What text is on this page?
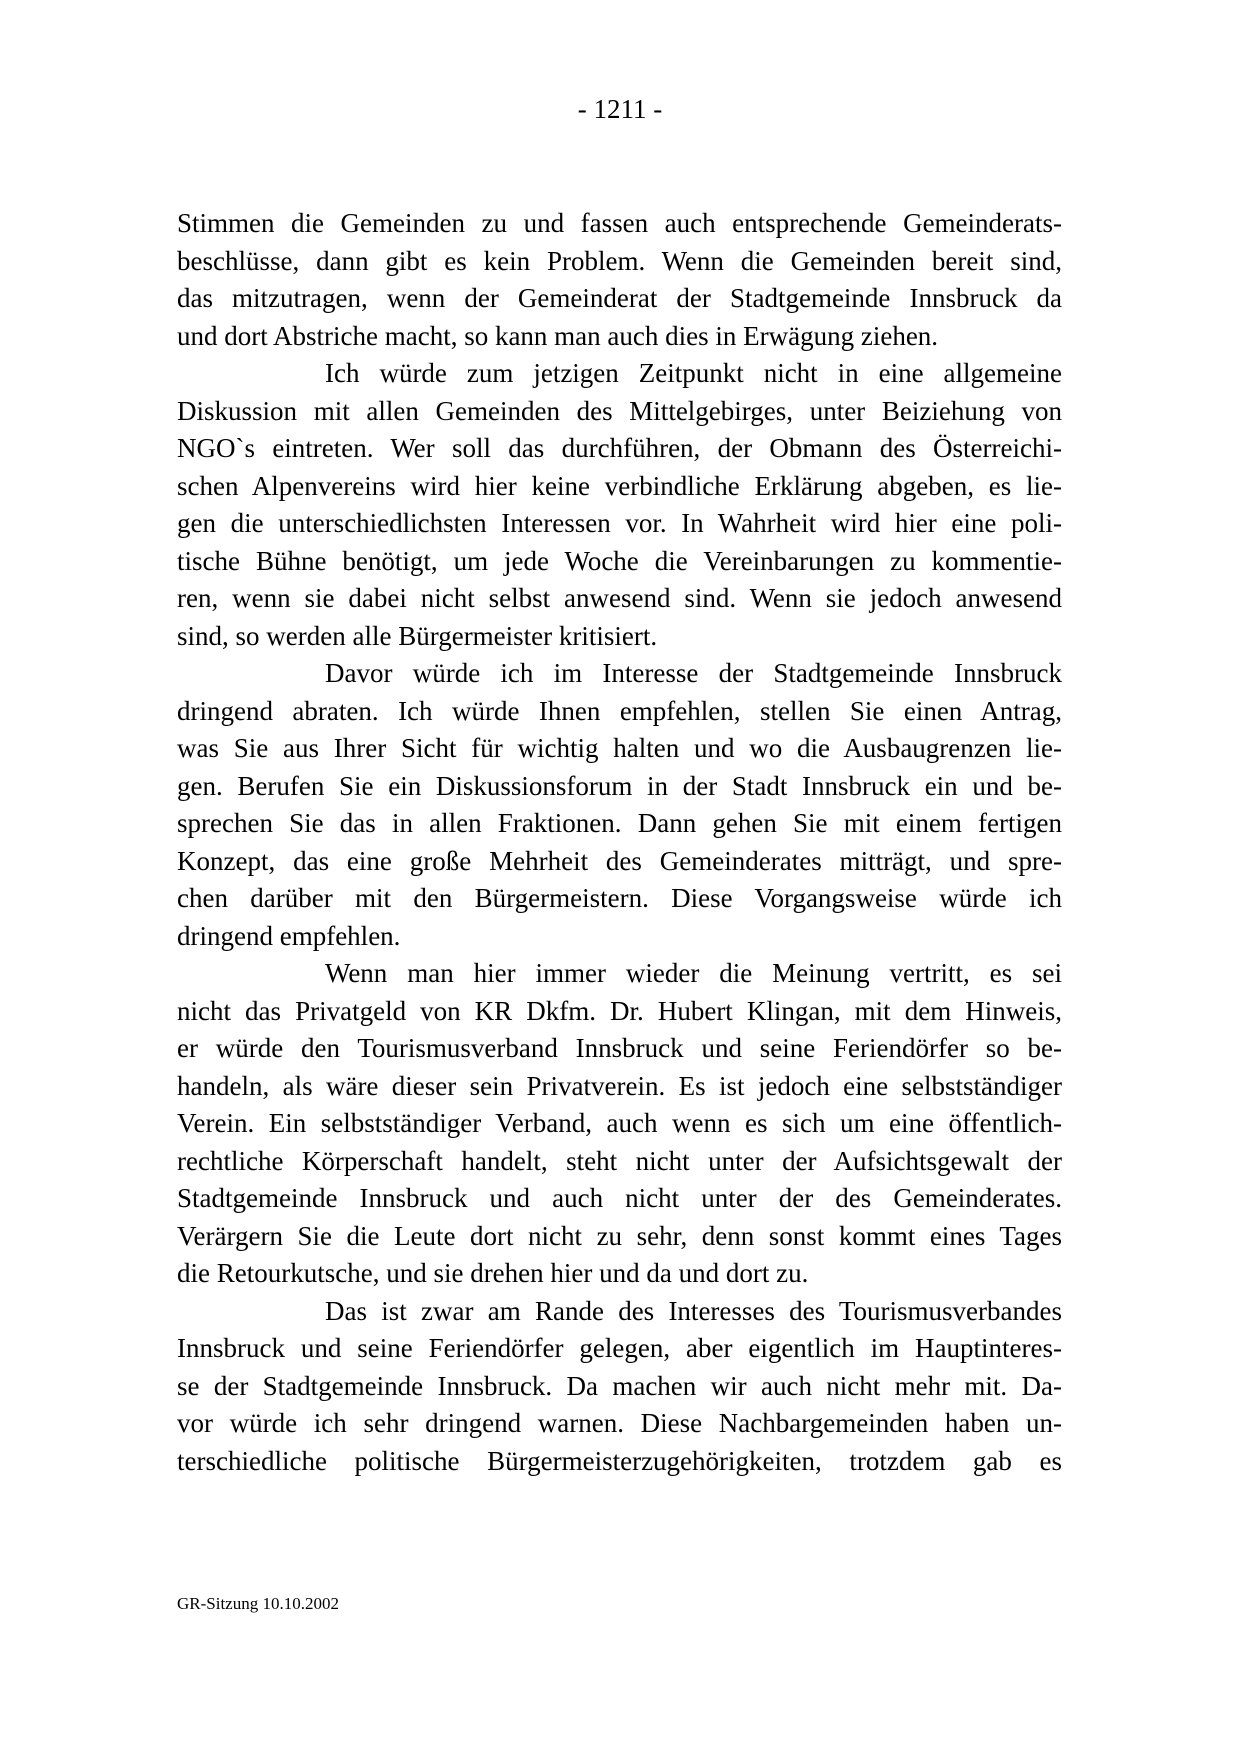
- 1211 -
Stimmen die Gemeinden zu und fassen auch entsprechende Gemeinderats-
beschlüsse, dann gibt es kein Problem. Wenn die Gemeinden bereit sind,
das mitzutragen, wenn der Gemeinderat der Stadtgemeinde Innsbruck da
und dort Abstriche macht, so kann man auch dies in Erwägung ziehen.
Ich würde zum jetzigen Zeitpunkt nicht in eine allgemeine
Diskussion mit allen Gemeinden des Mittelgebirges, unter Beiziehung von
NGO`s eintreten. Wer soll das durchführen, der Obmann des Österreichi-
schen Alpenvereins wird hier keine verbindliche Erklärung abgeben, es lie-
gen die unterschiedlichsten Interessen vor. In Wahrheit wird hier eine poli-
tische Bühne benötigt, um jede Woche die Vereinbarungen zu kommentie-
ren, wenn sie dabei nicht selbst anwesend sind. Wenn sie jedoch anwesend
sind, so werden alle Bürgermeister kritisiert.
Davor würde ich im Interesse der Stadtgemeinde Innsbruck
dringend abraten. Ich würde Ihnen empfehlen, stellen Sie einen Antrag,
was Sie aus Ihrer Sicht für wichtig halten und wo die Ausbaugrenzen lie-
gen. Berufen Sie ein Diskussionsforum in der Stadt Innsbruck ein und be-
sprechen Sie das in allen Fraktionen. Dann gehen Sie mit einem fertigen
Konzept, das eine große Mehrheit des Gemeinderates mitträgt, und spre-
chen darüber mit den Bürgermeistern. Diese Vorgangsweise würde ich
dringend empfehlen.
Wenn man hier immer wieder die Meinung vertritt, es sei
nicht das Privatgeld von KR Dkfm. Dr. Hubert Klingan, mit dem Hinweis,
er würde den Tourismusverband Innsbruck und seine Feriendörfer so be-
handeln, als wäre dieser sein Privatverein. Es ist jedoch eine selbstständiger
Verein. Ein selbstständiger Verband, auch wenn es sich um eine öffentlich-
rechtliche Körperschaft handelt, steht nicht unter der Aufsichtsgewalt der
Stadtgemeinde Innsbruck und auch nicht unter der des Gemeinderates.
Verärgern Sie die Leute dort nicht zu sehr, denn sonst kommt eines Tages
die Retourkutsche, und sie drehen hier und da und dort zu.
Das ist zwar am Rande des Interesses des Tourismusverbandes
Innsbruck und seine Feriendörfer gelegen, aber eigentlich im Hauptinteres-
se der Stadtgemeinde Innsbruck. Da machen wir auch nicht mehr mit. Da-
vor würde ich sehr dringend warnen. Diese Nachbargemeinden haben un-
terschiedliche politische Bürgermeisterzugehörigkeiten, trotzdem gab es
GR-Sitzung 10.10.2002
